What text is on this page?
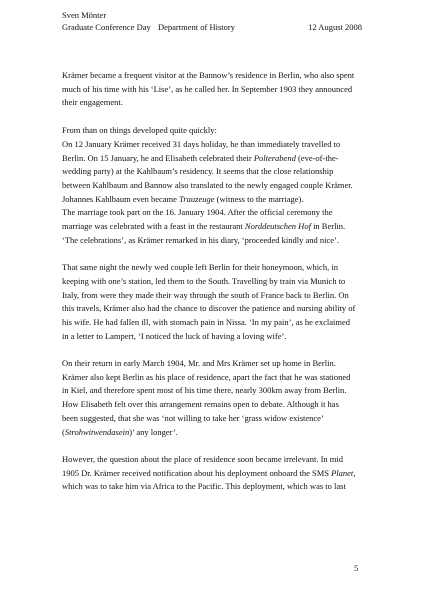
Sven Mönter
Graduate Conference Day Department of History	12 August 2008

Krämer became a frequent visitor at the Bannow’s residence in Berlin, who also spent
much of his time with his ‘Lise’, as he called her. In September 1903 they announced
their engagement.

From than on things developed quite quickly:
On 12 January Krämer received 31 days holiday, he than immediately travelled to
Berlin. On 15 January, he and Elisabeth celebrated their Polterabend (eve-of-the-
wedding party) at the Kahlbaum’s residency. It seems that the close relationship
between Kahlbaum and Bannow also translated to the newly engaged couple Krämer.
Johannes Kahlbaum even became Trauzeuge (witness to the marriage).
The marriage took part on the 16. January 1904. After the official ceremony the
marriage was celebrated with a feast in the restaurant Norddeutschen Hof in Berlin.
‘The celebrations’, as Krämer remarked in his diary, ‘proceeded kindly and nice’.

That same night the newly wed couple left Berlin for their honeymoon, which, in
keeping with one’s station, led them to the South. Travelling by train via Munich to
Italy, from were they made their way through the south of France back to Berlin. On
this travels, Krämer also had the chance to discover the patience and nursing ability of
his wife. He had fallen ill, with stomach pain in Nissa. ‘In my pain’, as he exclaimed
in a letter to Lampert, ‘I noticed the luck of having a loving wife’.

On their return in early March 1904, Mr. and Mrs Krämer set up home in Berlin.
Krämer also kept Berlin as his place of residence, apart the fact that he was stationed
in Kiel, and therefore spent most of his time there, nearly 300km away from Berlin.
How Elisabeth felt over this arrangement remains open to debate. Although it has
been suggested, that she was ‘not willing to take her ‘grass widow existence’
(Strohwitwendasein)’ any longer’.

However, the question about the place of residence soon became irrelevant. In mid
1905 Dr. Krämer received notification about his deployment onboard the SMS Planet,
which was to take him via Africa to the Pacific. This deployment, which was to last

5
